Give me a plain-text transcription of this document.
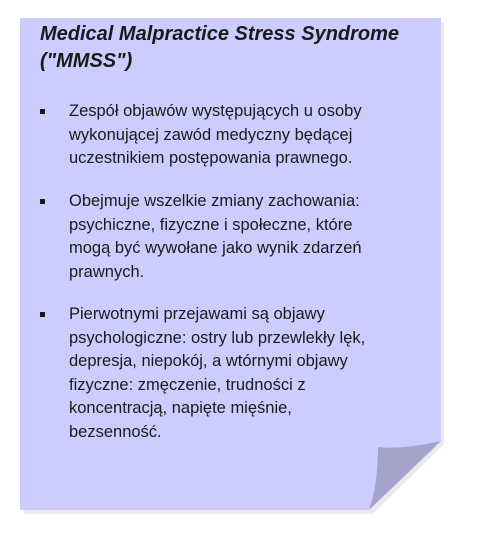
Medical Malpractice Stress Syndrome
("MMSS")

Zespół objawów występujących u osoby
wykonującej zawód medyczny będącej
uczestnikiem postępowania prawnego.

Obejmuje wszelkie zmiany zachowania:
psychiczne, fizyczne i społeczne, które
mogą być wywołane jako wynik zdarzeń
prawnych.

Pierwotnymi przejawami są objawy
psychologiczne: ostry lub przewlekły lęk,
depresja, niepokój, a wtórnymi objawy
fizyczne: zmęczenie, trudności z
koncentracją, napięte mięśnie,
bezsenność.
